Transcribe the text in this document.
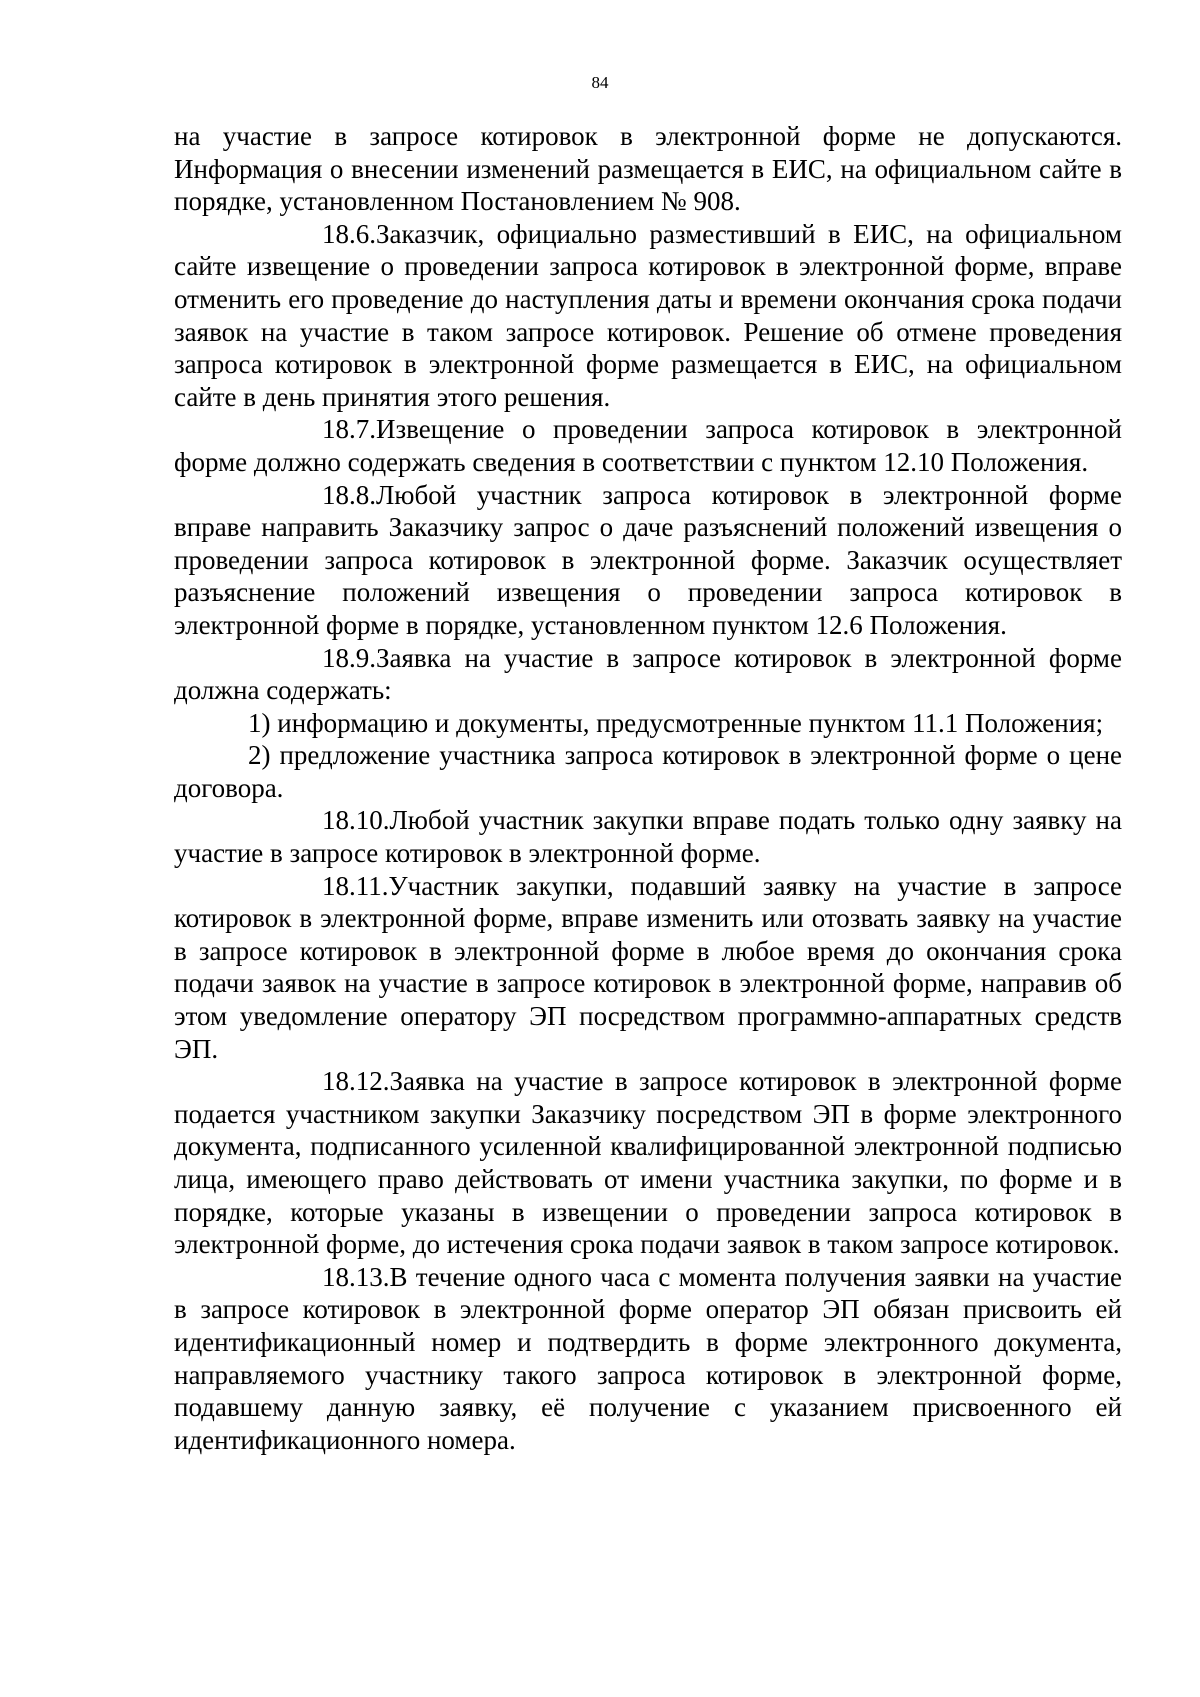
84

на участие в запросе котировок в электронной форме не допускаются. Информация о внесении изменений размещается в ЕИС, на официальном сайте в порядке, установленном Постановлением № 908.

18.6.Заказчик, официально разместивший в ЕИС, на официальном сайте извещение о проведении запроса котировок в электронной форме, вправе отменить его проведение до наступления даты и времени окончания срока подачи заявок на участие в таком запросе котировок. Решение об отмене проведения запроса котировок в электронной форме размещается в ЕИС, на официальном сайте в день принятия этого решения.

18.7.Извещение о проведении запроса котировок в электронной форме должно содержать сведения в соответствии с пунктом 12.10 Положения.

18.8.Любой участник запроса котировок в электронной форме вправе направить Заказчику запрос о даче разъяснений положений извещения о проведении запроса котировок в электронной форме. Заказчик осуществляет разъяснение положений извещения о проведении запроса котировок в электронной форме в порядке, установленном пунктом 12.6 Положения.

18.9.Заявка на участие в запросе котировок в электронной форме должна содержать:

1) информацию и документы, предусмотренные пунктом 11.1 Положения;

2) предложение участника запроса котировок в электронной форме о цене договора.

18.10.Любой участник закупки вправе подать только одну заявку на участие в запросе котировок в электронной форме.

18.11.Участник закупки, подавший заявку на участие в запросе котировок в электронной форме, вправе изменить или отозвать заявку на участие в запросе котировок в электронной форме в любое время до окончания срока подачи заявок на участие в запросе котировок в электронной форме, направив об этом уведомление оператору ЭП посредством программно-аппаратных средств ЭП.

18.12.Заявка на участие в запросе котировок в электронной форме подается участником закупки Заказчику посредством ЭП в форме электронного документа, подписанного усиленной квалифицированной электронной подписью лица, имеющего право действовать от имени участника закупки, по форме и в порядке, которые указаны в извещении о проведении запроса котировок в электронной форме, до истечения срока подачи заявок в таком запросе котировок.

18.13.В течение одного часа с момента получения заявки на участие в запросе котировок в электронной форме оператор ЭП обязан присвоить ей идентификационный номер и подтвердить в форме электронного документа, направляемого участнику такого запроса котировок в электронной форме, подавшему данную заявку, её получение с указанием присвоенного ей идентификационного номера.
